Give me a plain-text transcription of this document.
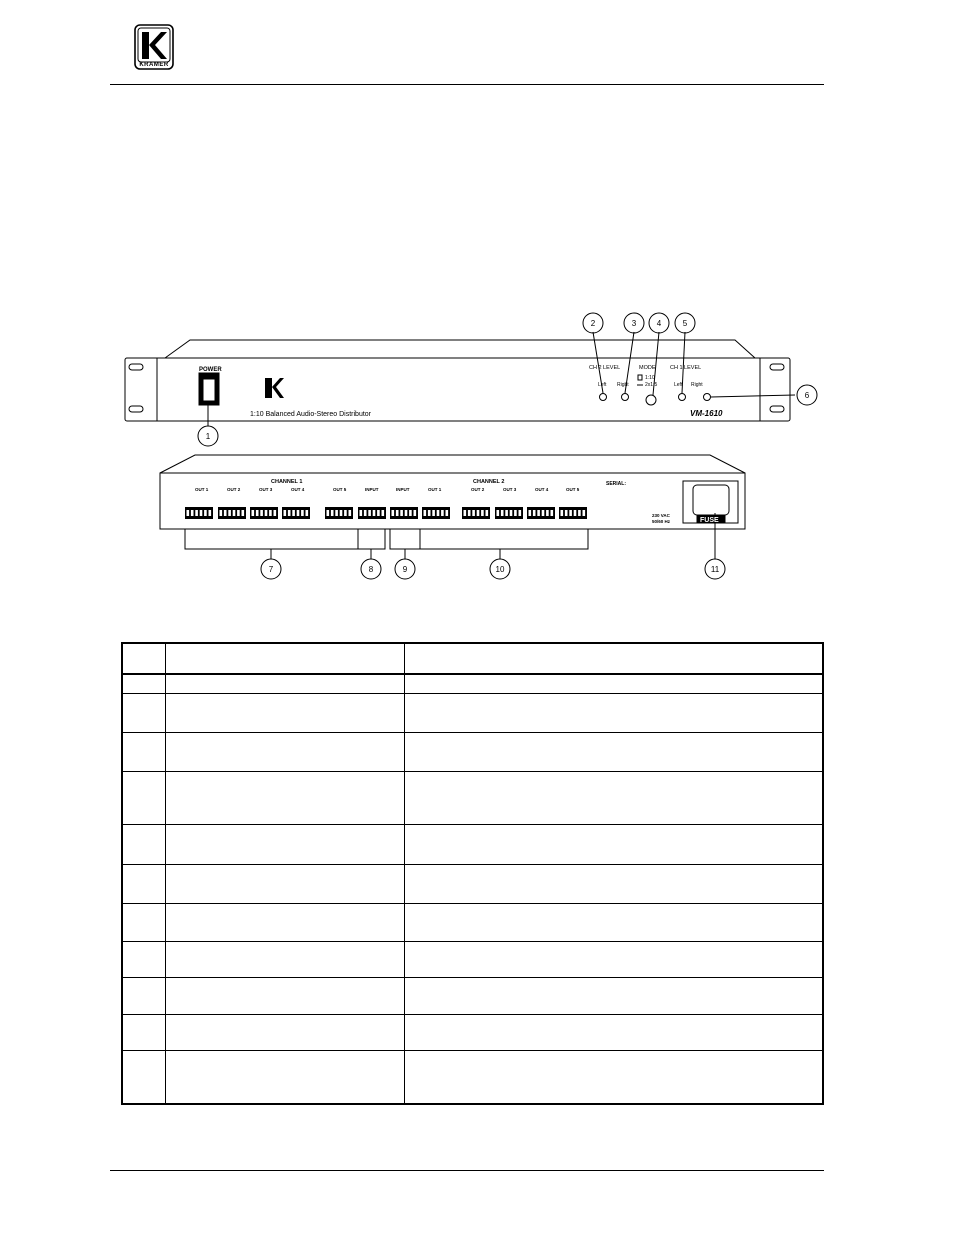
KRAMER
POWER	CH 2 LEVEL	MODE	CH 1 LEVEL
1:10
2x1:5
Left Right	Left Right
1:10 Balanced Audio-Stereo Distributor	VM-1610
CHANNEL 1	CHANNEL 2	SERIAL:
FUSE
230 VAC
50/60 Hz
OUT 1	OUT 2	OUT 3	OUT 4	OUT 5	INPUT	INPUT	OUT 1	OUT 2	OUT 3	OUT 4	OUT 5
1
2	3	4	5
6
7	8	9	10	11
